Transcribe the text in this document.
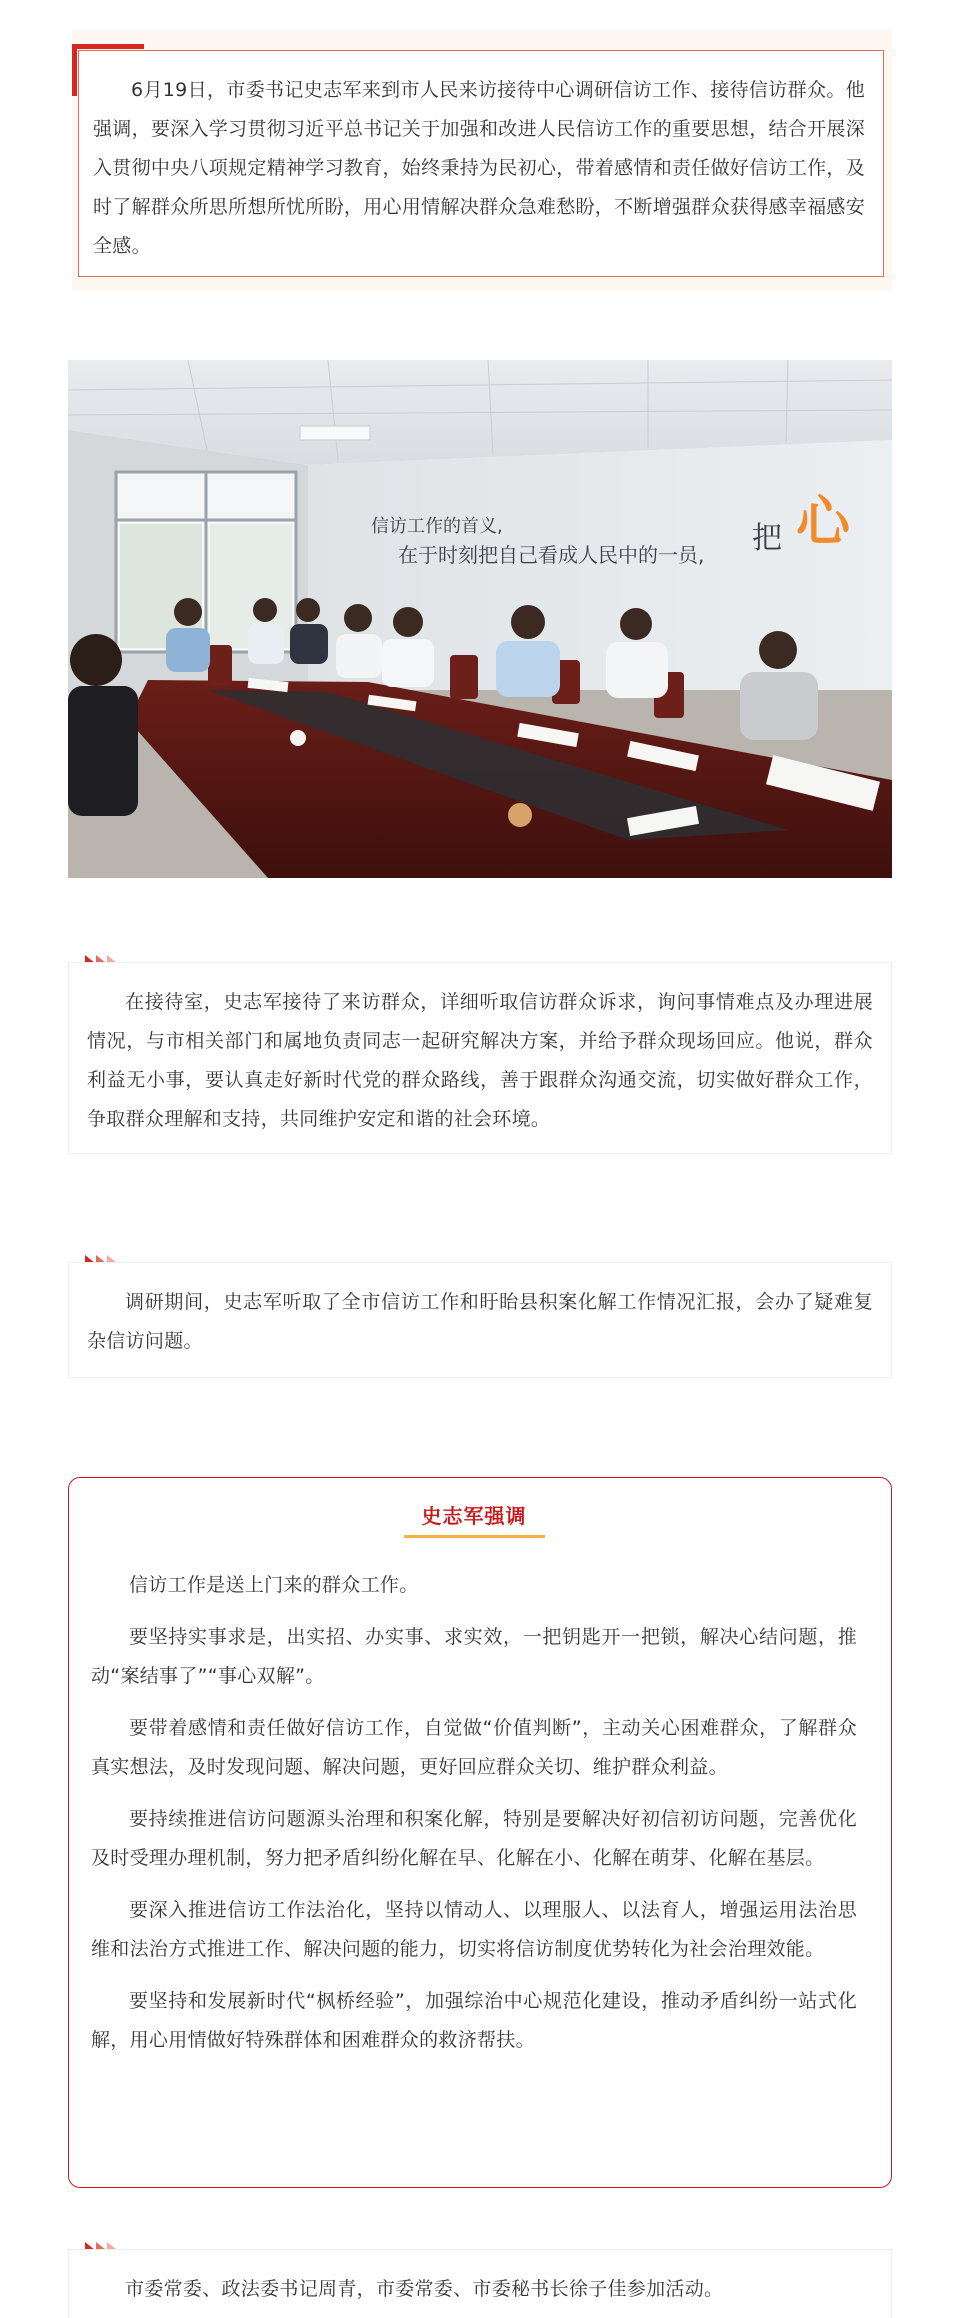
6月19日，市委书记史志军来到市人民来访接待中心调研信访工作、接待信访群众。他强调，要深入学习贯彻习近平总书记关于加强和改进人民信访工作的重要思想，结合开展深入贯彻中央八项规定精神学习教育，始终秉持为民初心，带着感情和责任做好信访工作，及时了解群众所思所想所忧所盼，用心用情解决群众急难愁盼，不断增强群众获得感幸福感安全感。

信访工作的首义,
在于时刻把自己看成人民中的一员, 把 心

在接待室，史志军接待了来访群众，详细听取信访群众诉求，询问事情难点及办理进展情况，与市相关部门和属地负责同志一起研究解决方案，并给予群众现场回应。他说，群众利益无小事，要认真走好新时代党的群众路线，善于跟群众沟通交流，切实做好群众工作，争取群众理解和支持，共同维护安定和谐的社会环境。

调研期间，史志军听取了全市信访工作和盱眙县积案化解工作情况汇报，会办了疑难复杂信访问题。

史志军强调

信访工作是送上门来的群众工作。

要坚持实事求是，出实招、办实事、求实效，一把钥匙开一把锁，解决心结问题，推动“案结事了”“事心双解”。

要带着感情和责任做好信访工作，自觉做“价值判断”，主动关心困难群众，了解群众真实想法，及时发现问题、解决问题，更好回应群众关切、维护群众利益。

要持续推进信访问题源头治理和积案化解，特别是要解决好初信初访问题，完善优化及时受理办理机制，努力把矛盾纠纷化解在早、化解在小、化解在萌芽、化解在基层。

要深入推进信访工作法治化，坚持以情动人、以理服人、以法育人，增强运用法治思维和法治方式推进工作、解决问题的能力，切实将信访制度优势转化为社会治理效能。

要坚持和发展新时代“枫桥经验”，加强综治中心规范化建设，推动矛盾纠纷一站式化解，用心用情做好特殊群体和困难群众的救济帮扶。

市委常委、政法委书记周青，市委常委、市委秘书长徐子佳参加活动。
